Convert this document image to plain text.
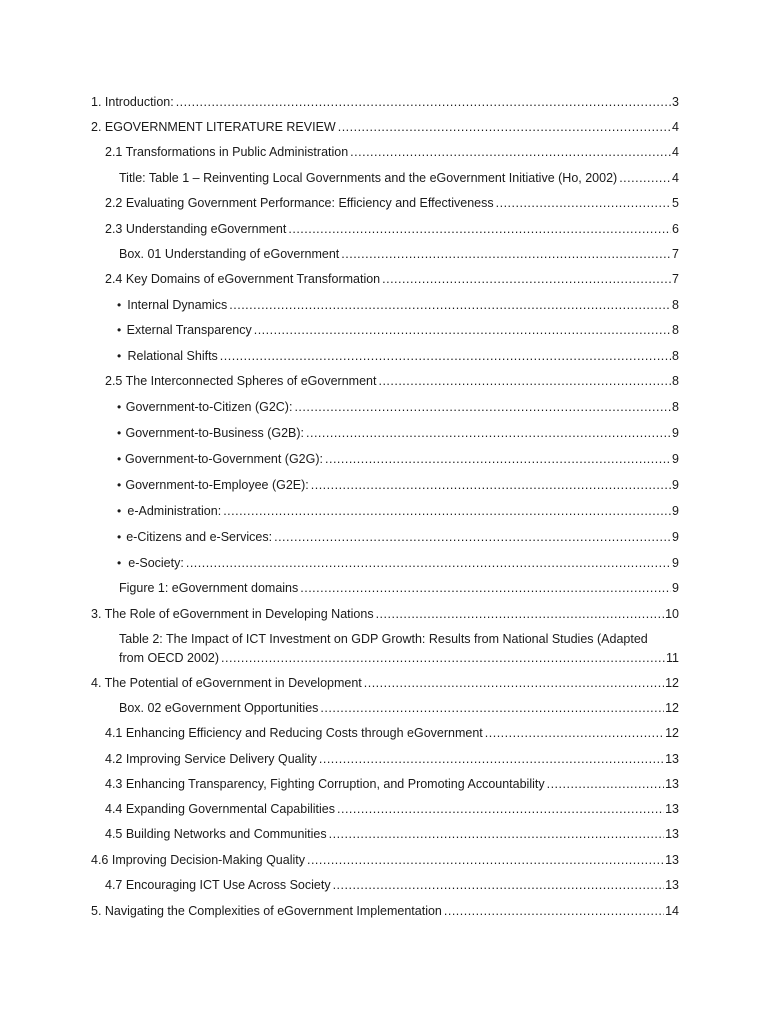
1. Introduction: .....	3
2. EGOVERNMENT LITERATURE REVIEW .....	4
2.1 Transformations in Public Administration .....	4
Title: Table 1 – Reinventing Local Governments and the eGovernment Initiative (Ho, 2002) .....	4
2.2 Evaluating Government Performance: Efficiency and Effectiveness .....	5
2.3 Understanding eGovernment .....	6
Box. 01 Understanding of eGovernment .....	7
2.4 Key Domains of eGovernment Transformation .....	7
• Internal Dynamics .....	8
• External Transparency .....	8
• Relational Shifts .....	8
2.5 The Interconnected Spheres of eGovernment .....	8
• Government-to-Citizen (G2C): .....	8
• Government-to-Business (G2B): .....	9
• Government-to-Government (G2G): .....	9
• Government-to-Employee (G2E): .....	9
• e-Administration: .....	9
• e-Citizens and e-Services: .....	9
• e-Society: .....	9
Figure 1: eGovernment domains .....	9
3. The Role of eGovernment in Developing Nations .....	10
Table 2: The Impact of ICT Investment on GDP Growth: Results from National Studies (Adapted
from OECD 2002) .....	11
4. The Potential of eGovernment in Development .....	12
Box. 02 eGovernment Opportunities .....	12
4.1 Enhancing Efficiency and Reducing Costs through eGovernment .....	12
4.2 Improving Service Delivery Quality .....	13
4.3 Enhancing Transparency, Fighting Corruption, and Promoting Accountability .....	13
4.4 Expanding Governmental Capabilities .....	13
4.5 Building Networks and Communities .....	13
4.6 Improving Decision-Making Quality .....	13
4.7 Encouraging ICT Use Across Society .....	13
5. Navigating the Complexities of eGovernment Implementation .....	14
